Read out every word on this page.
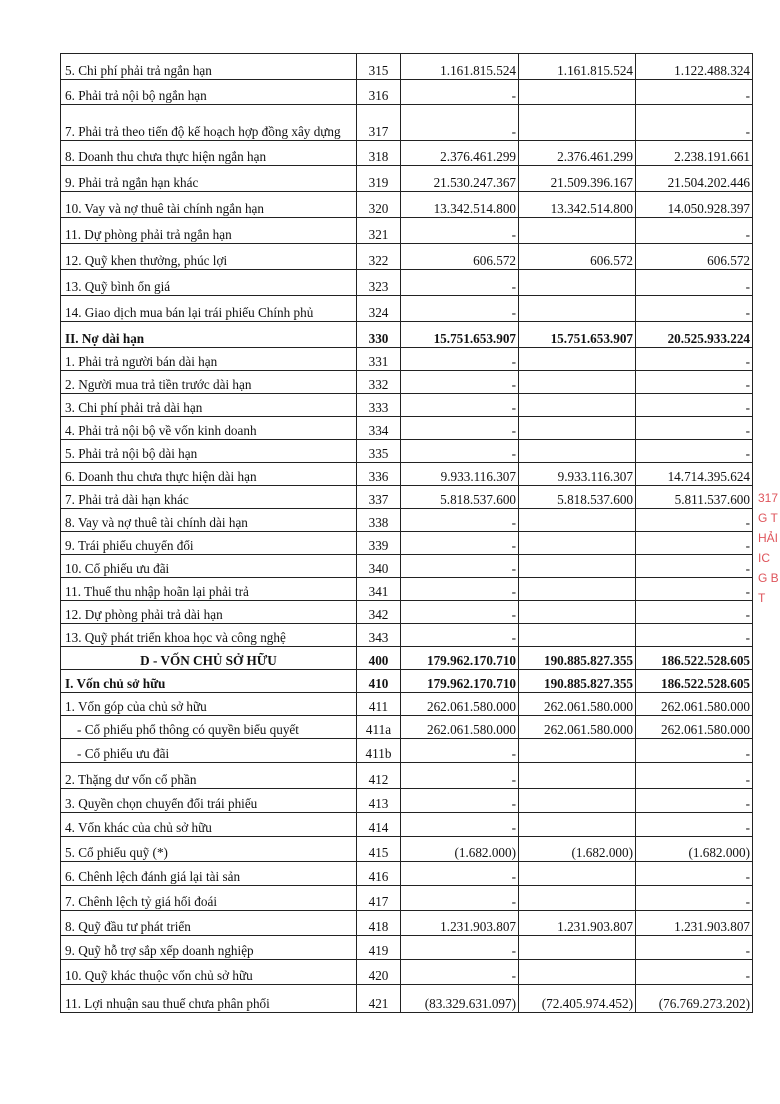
5. Chi phí phải trả ngắn hạn	315	1.161.815.524	1.161.815.524	1.122.488.324
6. Phải trả nội bộ ngắn hạn	316	-		-
7. Phải trả theo tiến độ kế hoạch hợp đồng xây dựng	317	-		-
8. Doanh thu chưa thực hiện ngắn hạn	318	2.376.461.299	2.376.461.299	2.238.191.661
9. Phải trả ngắn hạn khác	319	21.530.247.367	21.509.396.167	21.504.202.446
10. Vay và nợ thuê tài chính ngắn hạn	320	13.342.514.800	13.342.514.800	14.050.928.397
11. Dự phòng phải trả ngắn hạn	321	-		-
12. Quỹ khen thưởng, phúc lợi	322	606.572	606.572	606.572
13. Quỹ bình ổn giá	323	-		-
14. Giao dịch mua bán lại trái phiếu Chính phủ	324	-		-
II. Nợ dài hạn	330	15.751.653.907	15.751.653.907	20.525.933.224
1. Phải trả người bán dài hạn	331	-		-
2. Người mua trả tiền trước dài hạn	332	-		-
3. Chi phí phải trả dài hạn	333	-		-
4. Phải trả nội bộ về vốn kinh doanh	334	-		-
5. Phải trả nội bộ dài hạn	335	-		-
6. Doanh thu chưa thực hiện dài hạn	336	9.933.116.307	9.933.116.307	14.714.395.624
7. Phải trả dài hạn khác	337	5.818.537.600	5.818.537.600	5.811.537.600
8. Vay và nợ thuê tài chính dài hạn	338	-		-
9. Trái phiếu chuyển đổi	339	-		-
10. Cổ phiếu ưu đãi	340	-		-
11. Thuế thu nhập hoãn lại phải trả	341	-		-
12. Dự phòng phải trả dài hạn	342	-		-
13. Quỹ phát triển khoa học và công nghệ	343	-		-
D - VỐN CHỦ SỞ HỮU	400	179.962.170.710	190.885.827.355	186.522.528.605
I. Vốn chủ sở hữu	410	179.962.170.710	190.885.827.355	186.522.528.605
1. Vốn góp của chủ sở hữu	411	262.061.580.000	262.061.580.000	262.061.580.000
- Cổ phiếu phổ thông có quyền biểu quyết	411a	262.061.580.000	262.061.580.000	262.061.580.000
- Cổ phiếu ưu đãi	411b	-		-
2. Thặng dư vốn cổ phần	412	-		-
3. Quyền chọn chuyển đổi trái phiếu	413	-		-
4. Vốn khác của chủ sở hữu	414	-		-
5. Cổ phiếu quỹ (*)	415	(1.682.000)	(1.682.000)	(1.682.000)
6. Chênh lệch đánh giá lại tài sản	416	-		-
7. Chênh lệch tỷ giá hối đoái	417	-		-
8. Quỹ đầu tư phát triển	418	1.231.903.807	1.231.903.807	1.231.903.807
9. Quỹ hỗ trợ sắp xếp doanh nghiệp	419	-		-
10. Quỹ khác thuộc vốn chủ sở hữu	420	-		-
11. Lợi nhuận sau thuế chưa phân phối	421	(83.329.631.097)	(72.405.974.452)	(76.769.273.202)
317
G T
HẢI
IC
G B
T
